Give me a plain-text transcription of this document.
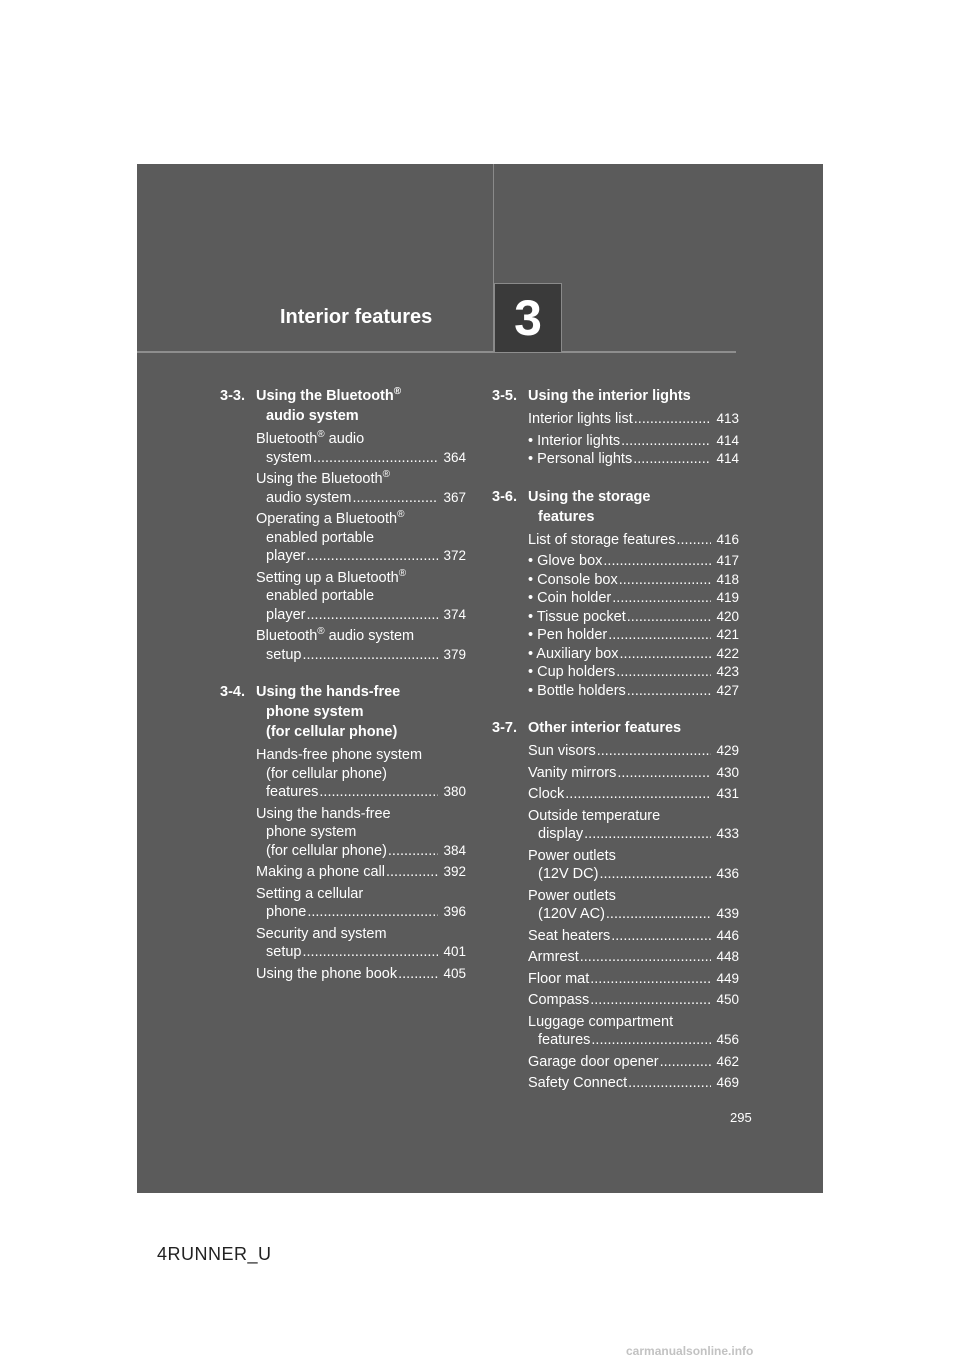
Interior features	3
3-3. Using the Bluetooth®
audio system
Bluetooth® audio
system .....	364
Using the Bluetooth®
audio system .....	367
Operating a Bluetooth®
enabled portable
player .....	372
Setting up a Bluetooth®
enabled portable
player .....	374
Bluetooth® audio system
setup .....	379
3-4. Using the hands-free
phone system
(for cellular phone)
Hands-free phone system
(for cellular phone)
features .....	380
Using the hands-free
phone system
(for cellular phone) .....	384
Making a phone call .....	392
Setting a cellular
phone .....	396
Security and system
setup .....	401
Using the phone book .....	405
3-5. Using the interior lights
Interior lights list .....	413
• Interior lights .....	414
• Personal lights .....	414
3-6. Using the storage
features
List of storage features .....	416
• Glove box .....	417
• Console box .....	418
• Coin holder .....	419
• Tissue pocket .....	420
• Pen holder .....	421
• Auxiliary box .....	422
• Cup holders .....	423
• Bottle holders .....	427
3-7. Other interior features
Sun visors .....	429
Vanity mirrors .....	430
Clock .....	431
Outside temperature
display .....	433
Power outlets
(12V DC) .....	436
Power outlets
(120V AC) .....	439
Seat heaters .....	446
Armrest .....	448
Floor mat .....	449
Compass .....	450
Luggage compartment
features .....	456
Garage door opener .....	462
Safety Connect .....	469
295
4RUNNER_U
carmanualsonline.info
